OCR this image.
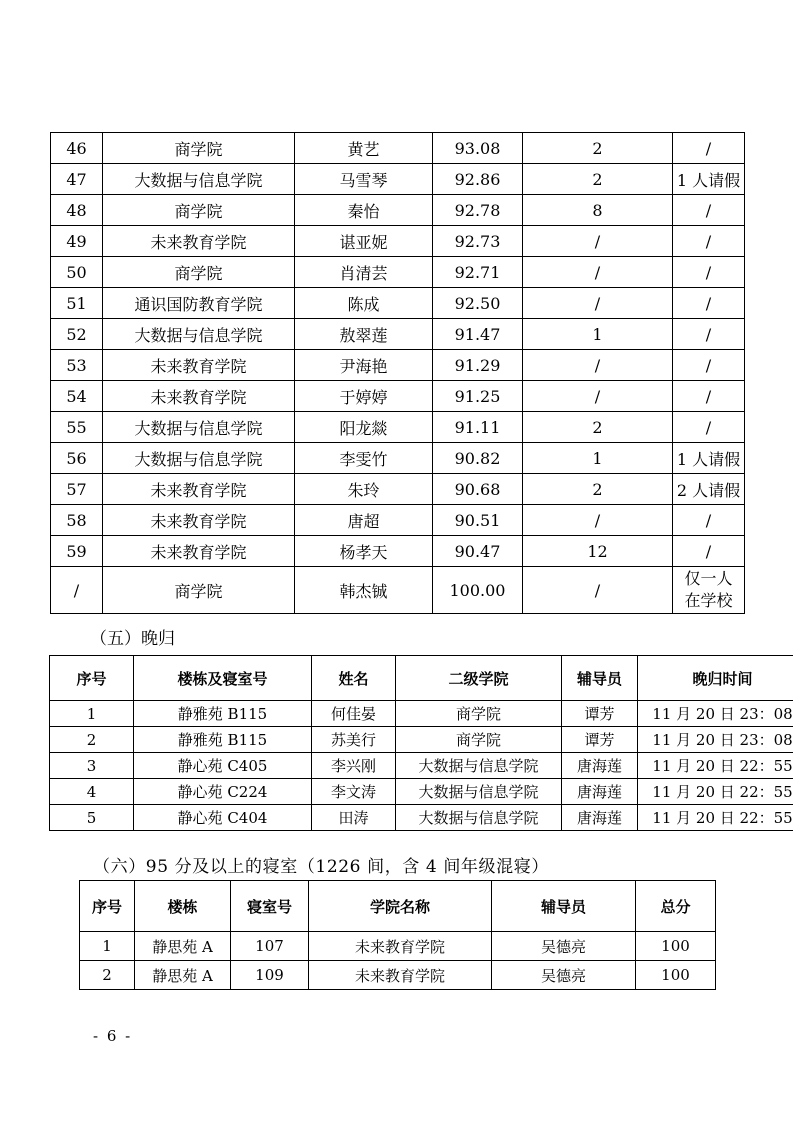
46	商学院	黄艺	93.08	2	/
47	大数据与信息学院	马雪琴	92.86	2	1 人请假
48	商学院	秦怡	92.78	8	/
49	未来教育学院	谌亚妮	92.73	/	/
50	商学院	肖清芸	92.71	/	/
51	通识国防教育学院	陈成	92.50	/	/
52	大数据与信息学院	敖翠莲	91.47	1	/
53	未来教育学院	尹海艳	91.29	/	/
54	未来教育学院	于婷婷	91.25	/	/
55	大数据与信息学院	阳龙燚	91.11	2	/
56	大数据与信息学院	李雯竹	90.82	1	1 人请假
57	未来教育学院	朱玲	90.68	2	2 人请假
58	未来教育学院	唐超	90.51	/	/
59	未来教育学院	杨孝天	90.47	12	/
/	商学院	韩杰铖	100.00	/	仅一人
在学校
（五）晚归
序号	楼栋及寝室号	姓名	二级学院	辅导员	晚归时间
1	静雅苑 B115	何佳晏	商学院	谭芳	11 月 20 日 23：08
2	静雅苑 B115	苏美行	商学院	谭芳	11 月 20 日 23：08
3	静心苑 C405	李兴刚	大数据与信息学院	唐海莲	11 月 20 日 22：55
4	静心苑 C224	李文涛	大数据与信息学院	唐海莲	11 月 20 日 22：55
5	静心苑 C404	田涛	大数据与信息学院	唐海莲	11 月 20 日 22：55
（六）95 分及以上的寝室（1226 间，含 4 间年级混寝）
序号	楼栋	寝室号	学院名称	辅导员	总分
1	静思苑 A	107	未来教育学院	吴德亮	100
2	静思苑 A	109	未来教育学院	吴德亮	100
- 6 -
